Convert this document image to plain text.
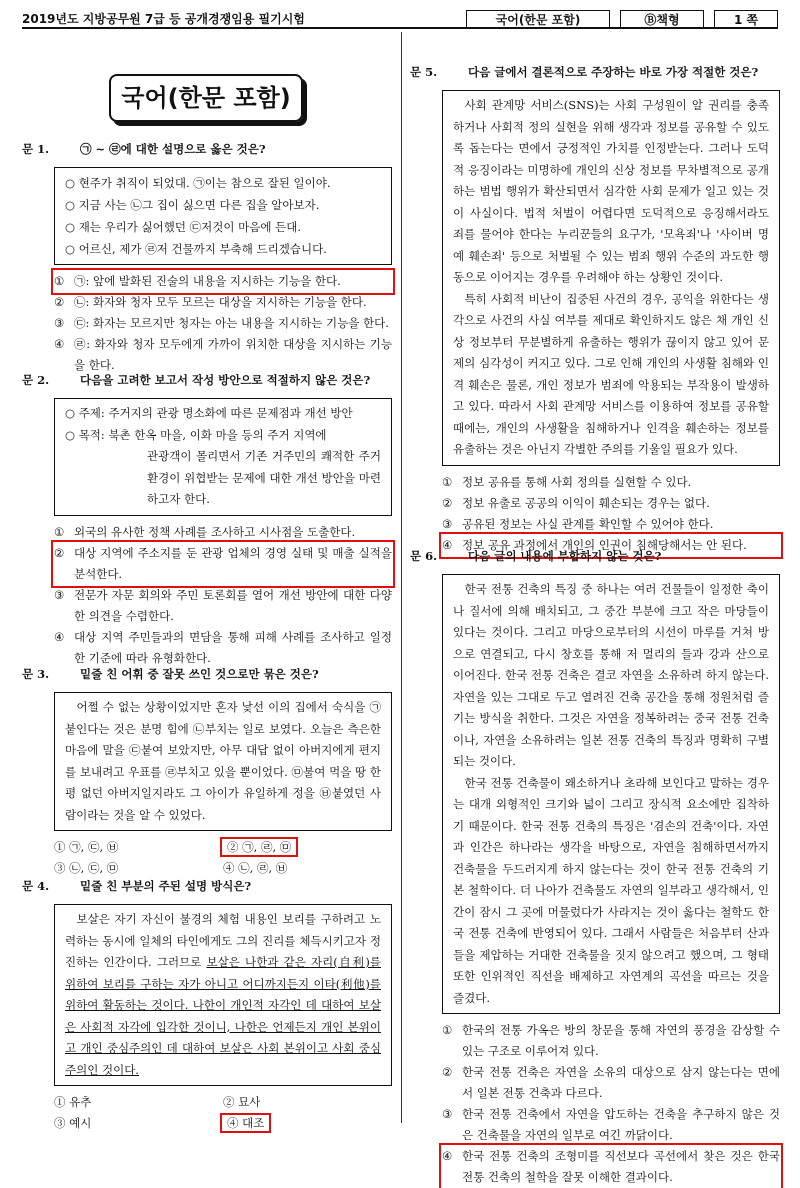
2019년도 지방공무원 7급 등 공개경쟁임용 필기시험	국어(한문 포함)	Ⓑ책형	1 쪽
국어(한문 포함)
문 1.	㉠ ~ ㉣에 대한 설명으로 옳은 것은?
○ 현주가 취직이 되었대. ㉠이는 참으로 잘된 일이야.
○ 지금 사는 ㉡그 집이 싫으면 다른 집을 알아보자.
○ 재는 우리가 싫어했던 ㉢저것이 마음에 든대.
○ 어르신, 제가 ㉣저 건물까지 부축해 드리겠습니다.
① ㉠: 앞에 발화된 진술의 내용을 지시하는 기능을 한다.
② ㉡: 화자와 청자 모두 모르는 대상을 지시하는 기능을 한다.
③ ㉢: 화자는 모르지만 청자는 아는 내용을 지시하는 기능을 한다.
④ ㉣: 화자와 청자 모두에게 가까이 위치한 대상을 지시하는 기능을 한다.
문 2.	다음을 고려한 보고서 작성 방안으로 적절하지 않은 것은?
○ 주제: 주거지의 관광 명소화에 따른 문제점과 개선 방안
○ 목적: 북촌 한옥 마을, 이화 마을 등의 주거 지역에
관광객이 몰리면서 기존 거주민의 쾌적한 주거 환경이 위협받는 문제에 대한 개선 방안을 마련하고자 한다.
① 외국의 유사한 정책 사례를 조사하고 시사점을 도출한다.
② 대상 지역에 주소지를 둔 관광 업체의 경영 실태 및 매출 실적을 분석한다.
③ 전문가 자문 회의와 주민 토론회를 열어 개선 방안에 대한 다양한 의견을 수렴한다.
④ 대상 지역 주민들과의 면담을 통해 피해 사례를 조사하고 일정한 기준에 따라 유형화한다.
문 3.	밑줄 친 어휘 중 잘못 쓰인 것으로만 묶은 것은?

어쩔 수 없는 상황이었지만 혼자 낯선 이의 집에서 숙식을 ㉠붙인다는 것은 분명 힘에 ㉡부치는 일로 보였다. 오늘은 측은한 마음에 말을 ㉢붙여 보았지만, 아무 대답 없이 아버지에게 편지를 보내려고 우표를 ㉣부치고 있을 뿐이었다. ㉤불여 먹을 땅 한 평 없던 아버지일지라도 그 아이가 유일하게 정을 ㉥붙였던 사람이라는 것을 알 수 있었다.

① ㉠, ㉢, ㉥	② ㉠, ㉣, ㉤
③ ㉡, ㉢, ㉤	④ ㉡, ㉣, ㉥
문 4.	밑줄 친 부분의 주된 설명 방식은?

보살은 자기 자신이 불경의 체험 내용인 보리를 구하려고 노력하는 동시에 일체의 타인에게도 그의 진리를 체득시키고자 정진하는 인간이다. 그러므로 보살은 나한과 같은 자리(自利)를 위하여 보리를 구하는 자가 아니고 어디까지든지 이타(利他)를 위하여 활동하는 것이다. 나한이 개인적 자각인 데 대하여 보살은 사회적 자각에 입각한 것이니, 나한은 언제든지 개인 본위이고 개인 중심주의인 데 대하여 보살은 사회 본위이고 사회 중심주의인 것이다.

① 유추	② 묘사
③ 예시	④ 대조
문 5.	다음 글에서 결론적으로 주장하는 바로 가장 적절한 것은?

사회 관계망 서비스(SNS)는 사회 구성원이 알 권리를 충족하거나 사회적 정의 실현을 위해 생각과 정보를 공유할 수 있도록 돕는다는 면에서 긍정적인 가치를 인정받는다. 그러나 도덕적 응징이라는 미명하에 개인의 신상 정보를 무차별적으로 공개하는 범법 행위가 확산되면서 심각한 사회 문제가 일고 있는 것이 사실이다. 법적 처벌이 어렵다면 도덕적으로 응징해서라도 죄를 물어야 한다는 누리꾼들의 요구가, '모욕죄'나 '사이버 명예 훼손죄' 등으로 처벌될 수 있는 범죄 행위 수준의 과도한 행동으로 이어지는 경우를 우려해야 하는 상황인 것이다.

특히 사회적 비난이 집중된 사건의 경우, 공익을 위한다는 생각으로 사건의 사실 여부를 제대로 확인하지도 않은 채 개인 신상 정보부터 무분별하게 유출하는 행위가 끊이지 않고 있어 문제의 심각성이 커지고 있다. 그로 인해 개인의 사생활 침해와 인격 훼손은 물론, 개인 정보가 범죄에 악용되는 부작용이 발생하고 있다. 따라서 사회 관계망 서비스를 이용하여 정보를 공유할 때에는, 개인의 사생활을 침해하거나 인격을 훼손하는 정보를 유출하는 것은 아닌지 각별한 주의를 기울일 필요가 있다.

① 정보 공유를 통해 사회 정의를 실현할 수 있다.
② 정보 유출로 공공의 이익이 훼손되는 경우는 없다.
③ 공유된 정보는 사실 관계를 확인할 수 있어야 한다.
④ 정보 공유 과정에서 개인의 인권이 침해당해서는 안 된다.
문 6.	다음 글의 내용에 부합하지 않는 것은?

한국 전통 건축의 특징 중 하나는 여러 건물들이 일정한 축이나 질서에 의해 배치되고, 그 중간 부분에 크고 작은 마당들이 있다는 것이다. 그리고 마당으로부터의 시선이 마루를 거쳐 방으로 연결되고, 다시 창호를 통해 저 멀리의 들과 강과 산으로 이어진다. 한국 전통 건축은 결코 자연을 소유하려 하지 않는다. 자연을 있는 그대로 두고 열려진 건축 공간을 통해 정원처럼 즐기는 방식을 취한다. 그것은 자연을 정복하려는 중국 전통 건축이나, 자연을 소유하려는 일본 전통 건축의 특징과 명확히 구별되는 것이다.

한국 전통 건축물이 왜소하거나 초라해 보인다고 말하는 경우는 대개 외형적인 크기와 넓이 그리고 장식적 요소에만 집착하기 때문이다. 한국 전통 건축의 특징은 '겸손의 건축'이다. 자연과 인간은 하나라는 생각을 바탕으로, 자연을 침해하면서까지 건축물을 두드러지게 하지 않는다는 것이 한국 전통 건축의 기본 철학이다. 더 나아가 건축물도 자연의 일부라고 생각해서, 인간이 잠시 그 곳에 머물렀다가 사라지는 것이 옳다는 철학도 한국 전통 건축에 반영되어 있다. 그래서 사람들은 처음부터 산과 들을 제압하는 거대한 건축물을 짓지 않으려고 했으며, 그 형태 또한 인위적인 직선을 배제하고 자연계의 곡선을 따르는 것을 즐겼다.

① 한국의 전통 가옥은 방의 창문을 통해 자연의 풍경을 감상할 수 있는 구조로 이루어져 있다.
② 한국 전통 건축은 자연을 소유의 대상으로 삼지 않는다는 면에서 일본 전통 건축과 다르다.
③ 한국 전통 건축에서 자연을 압도하는 건축을 추구하지 않은 것은 건축물을 자연의 일부로 여긴 까닭이다.
④ 한국 전통 건축의 조형미를 직선보다 곡선에서 찾은 것은 한국 전통 건축의 철학을 잘못 이해한 결과이다.
